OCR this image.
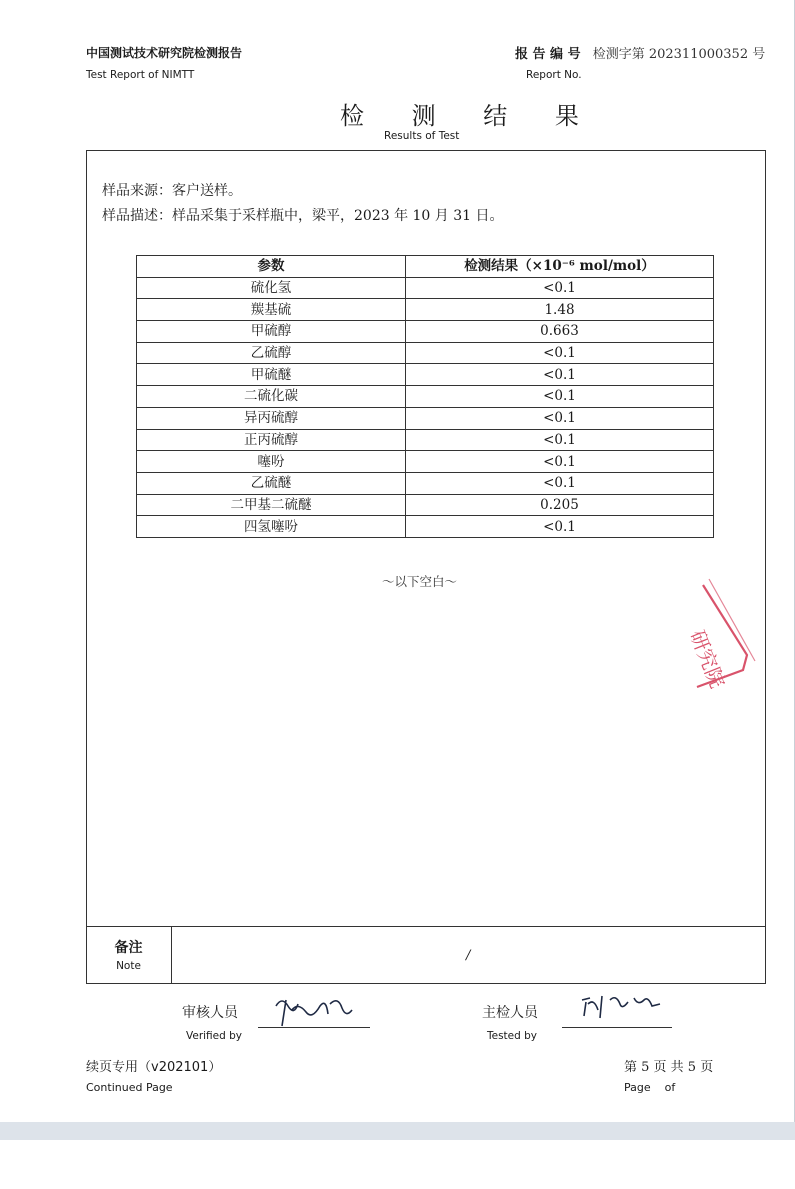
中国测试技术研究院检测报告
Test Report of NIMTT
报 告 编 号 检测字第 202311000352 号
Report No.
检 测 结 果
Results of Test
样品来源：客户送样。
样品描述：样品采集于采样瓶中，梁平，2023 年 10 月 31 日。
参数	检测结果（×10⁻⁶ mol/mol）
硫化氢	<0.1
羰基硫	1.48
甲硫醇	0.663
乙硫醇	<0.1
甲硫醚	<0.1
二硫化碳	<0.1
异丙硫醇	<0.1
正丙硫醇	<0.1
噻吩	<0.1
乙硫醚	<0.1
二甲基二硫醚	0.205
四氢噻吩	<0.1
～以下空白～
研究院
备注
Note
/
审核人员
Verified by
主检人员
Tested by
续页专用（v202101）
Continued Page
第 5 页 共 5 页
Page    of
